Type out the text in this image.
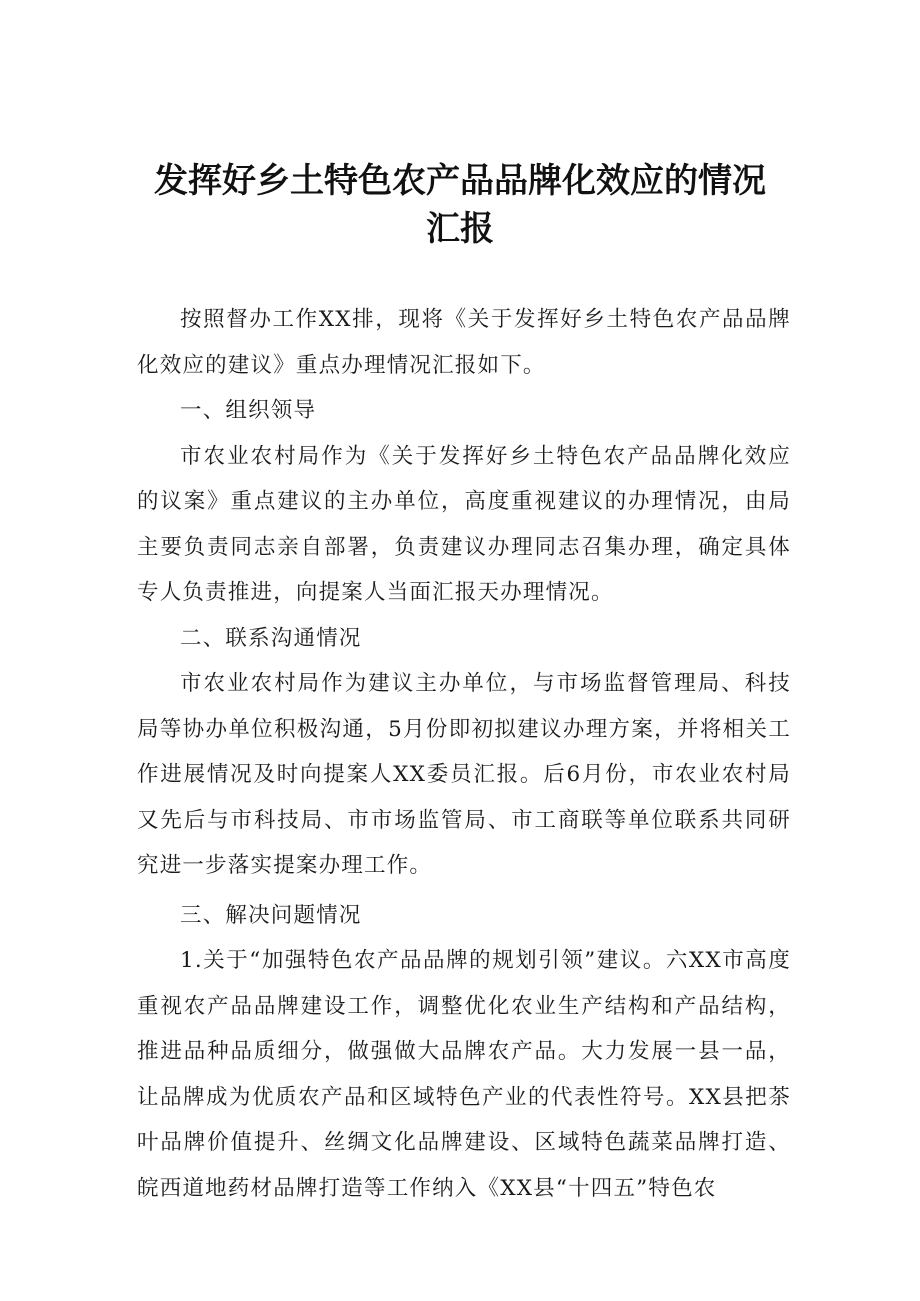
发挥好乡土特色农产品品牌化效应的情况
汇报

按照督办工作XX排，现将《关于发挥好乡土特色农产品品牌化效应的建议》重点办理情况汇报如下。

一、组织领导

市农业农村局作为《关于发挥好乡土特色农产品品牌化效应的议案》重点建议的主办单位，高度重视建议的办理情况，由局主要负责同志亲自部署，负责建议办理同志召集办理，确定具体专人负责推进，向提案人当面汇报天办理情况。

二、联系沟通情况

市农业农村局作为建议主办单位，与市场监督管理局、科技局等协办单位积极沟通，5月份即初拟建议办理方案，并将相关工作进展情况及时向提案人XX委员汇报。后6月份，市农业农村局又先后与市科技局、市市场监管局、市工商联等单位联系共同研究进一步落实提案办理工作。

三、解决问题情况

1.关于“加强特色农产品品牌的规划引领”建议。六XX市高度重视农产品品牌建设工作，调整优化农业生产结构和产品结构，推进品种品质细分，做强做大品牌农产品。大力发展一县一品，让品牌成为优质农产品和区域特色产业的代表性符号。XX县把茶叶品牌价值提升、丝绸文化品牌建设、区域特色蔬菜品牌打造、皖西道地药材品牌打造等工作纳入《XX县“十四五”特色农
